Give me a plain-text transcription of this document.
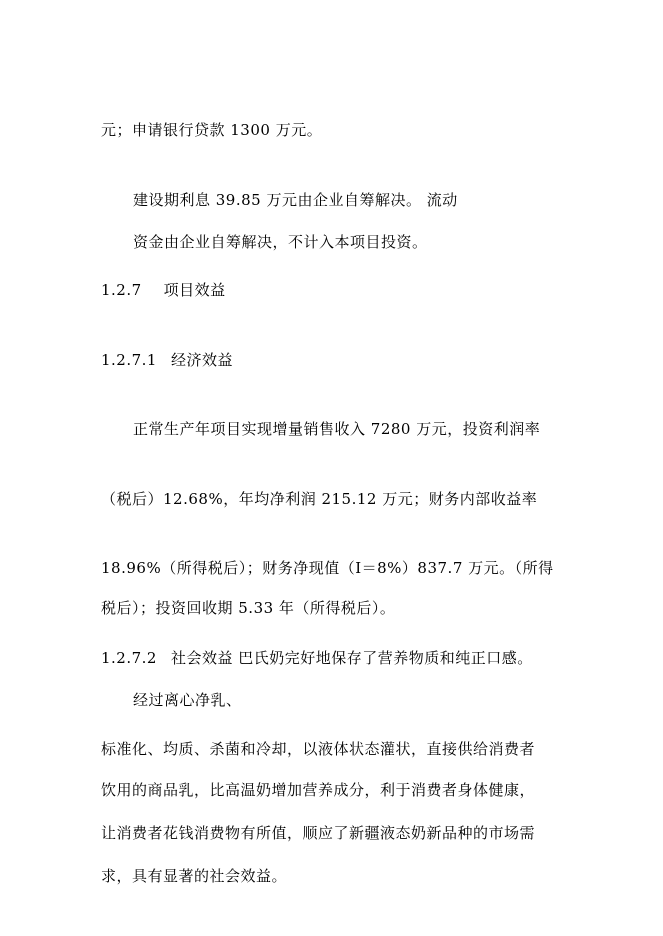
元；申请银行贷款 1300 万元。

建设期利息 39.85 万元由企业自筹解决。 流动

资金由企业自筹解决，不计入本项目投资。

1.2.7 项目效益

1.2.7.1 经济效益

正常生产年项目实现增量销售收入 7280 万元，投资利润率

（税后）12.68%，年均净利润 215.12 万元；财务内部收益率

18.96%（所得税后）；财务净现值（I＝8%）837.7 万元。（所得

税后）；投资回收期 5.33 年（所得税后）。

1.2.7.2 社会效益 巴氏奶完好地保存了营养物质和纯正口感。

经过离心净乳、

标准化、均质、杀菌和冷却，以液体状态灌状，直接供给消费者

饮用的商品乳，比高温奶增加营养成分，利于消费者身体健康，

让消费者花钱消费物有所值，顺应了新疆液态奶新品种的市场需

求，具有显著的社会效益。
